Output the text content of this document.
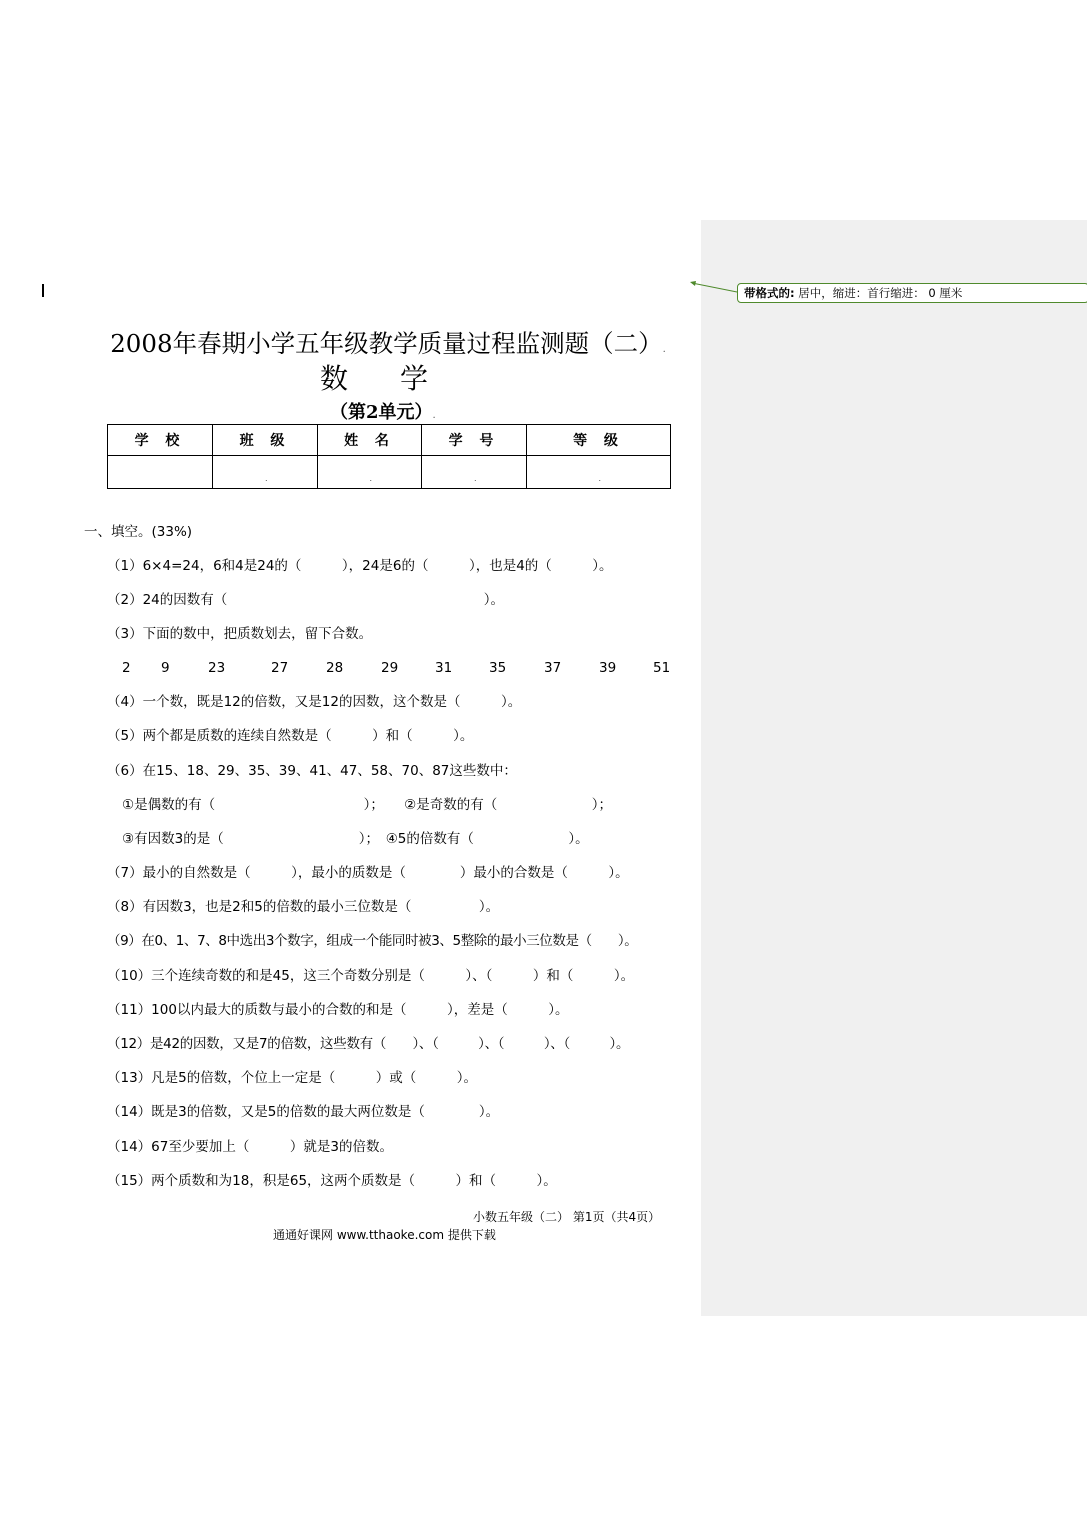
带格式的: 居中，缩进：首行缩进： 0 厘米
2008年春期小学五年级教学质量过程监测题（二）.
数 学
（第2单元）.
学 校	班 级	姓 名	学 号	等 级

	.	.	.	.
一、填空。(33%)
（1）6×4=24，6和4是24的（　　　），24是6的（　　　），也是4的（　　　）。
（2）24的因数有（　　　　　　　　　　　　　　　　　　　）。
（3）下面的数中，把质数划去，留下合数。
2 9	23	27	28	29	31	35	37	39	51
（4）一个数，既是12的倍数，又是12的因数，这个数是（　　　）。
（5）两个都是质数的连续自然数是（　　　）和（　　　）。
（6）在15、18、29、35、39、41、47、58、70、87这些数中：
①是偶数的有（　　　　　　　　　　　）；　　②是奇数的有（　　　　　　　）；
③有因数3的是（　　　　　　　　　　）；　④5的倍数有（　　　　　　　）。
（7）最小的自然数是（　　　），最小的质数是（　　　　）最小的合数是（　　　）。
（8）有因数3，也是2和5的倍数的最小三位数是（　　　　　）。
（9）在0、1、7、8中选出3个数字，组成一个能同时被3、5整除的最小三位数是（　　）。
（10）三个连续奇数的和是45，这三个奇数分别是（　　　）、（　　　）和（　　　）。
（11）100以内最大的质数与最小的合数的和是（　　　），差是（　　　）。
（12）是42的因数，又是7的倍数，这些数有（　　）、（　　　）、（　　　）、（　　　）。
（13）凡是5的倍数，个位上一定是（　　　）或（　　　）。
（14）既是3的倍数，又是5的倍数的最大两位数是（　　　　）。
（14）67至少要加上（　　　）就是3的倍数。
（15）两个质数和为18，积是65，这两个质数是（　　　）和（　　　）。
小数五年级（二） 第1页（共4页）
通通好课网 www.tthaoke.com 提供下载
